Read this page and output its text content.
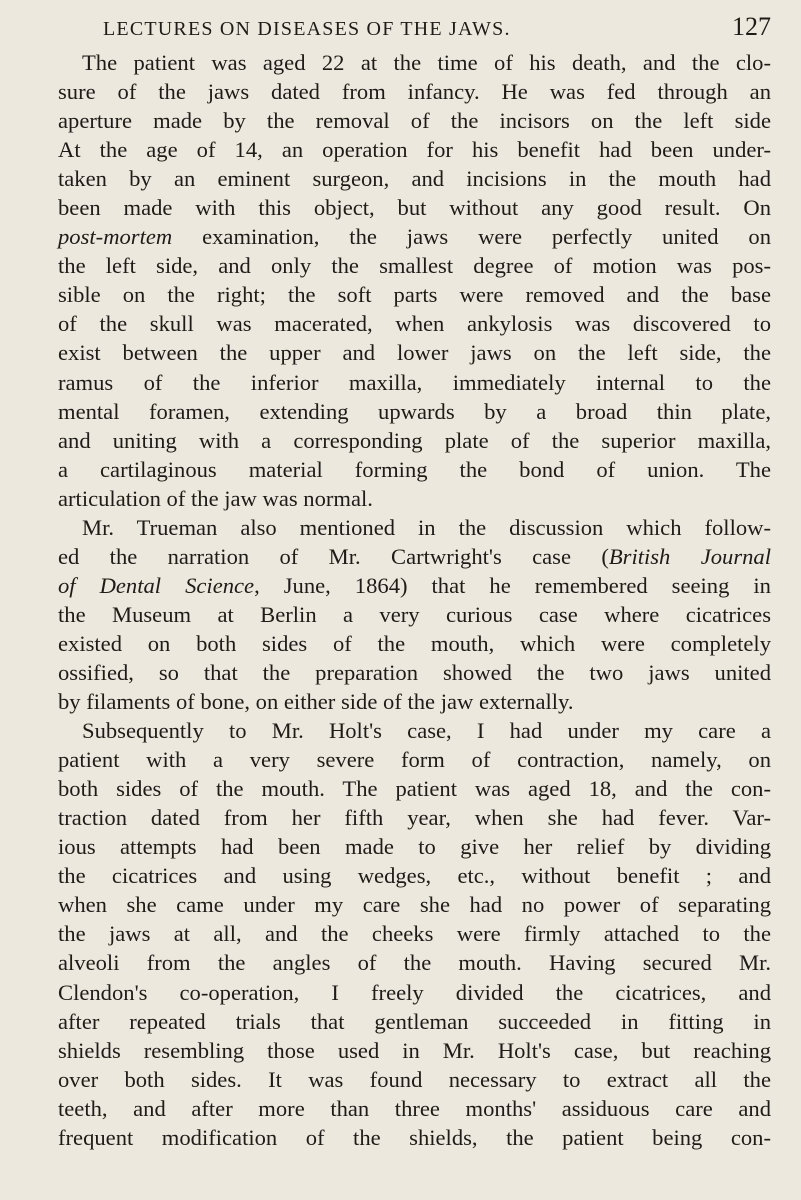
LECTURES ON DISEASES OF THE JAWS.	127
The patient was aged 22 at the time of his death, and the clo-
sure of the jaws dated from infancy. He was fed through an
aperture made by the removal of the incisors on the left side
At the age of 14, an operation for his benefit had been under-
taken by an eminent surgeon, and incisions in the mouth had
been made with this object, but without any good result. On
post-mortem examination, the jaws were perfectly united on
the left side, and only the smallest degree of motion was pos-
sible on the right; the soft parts were removed and the base
of the skull was macerated, when ankylosis was discovered to
exist between the upper and lower jaws on the left side, the
ramus of the inferior maxilla, immediately internal to the
mental foramen, extending upwards by a broad thin plate,
and uniting with a corresponding plate of the superior maxilla,
a cartilaginous material forming the bond of union. The
articulation of the jaw was normal.
Mr. Trueman also mentioned in the discussion which follow-
ed the narration of Mr. Cartwright's case (British Journal
of Dental Science, June, 1864) that he remembered seeing in
the Museum at Berlin a very curious case where cicatrices
existed on both sides of the mouth, which were completely
ossified, so that the preparation showed the two jaws united
by filaments of bone, on either side of the jaw externally.
Subsequently to Mr. Holt's case, I had under my care a
patient with a very severe form of contraction, namely, on
both sides of the mouth. The patient was aged 18, and the con-
traction dated from her fifth year, when she had fever. Var-
ious attempts had been made to give her relief by dividing
the cicatrices and using wedges, etc., without benefit ; and
when she came under my care she had no power of separating
the jaws at all, and the cheeks were firmly attached to the
alveoli from the angles of the mouth. Having secured Mr.
Clendon's co-operation, I freely divided the cicatrices, and
after repeated trials that gentleman succeeded in fitting in
shields resembling those used in Mr. Holt's case, but reaching
over both sides. It was found necessary to extract all the
teeth, and after more than three months' assiduous care and
frequent modification of the shields, the patient being con-
